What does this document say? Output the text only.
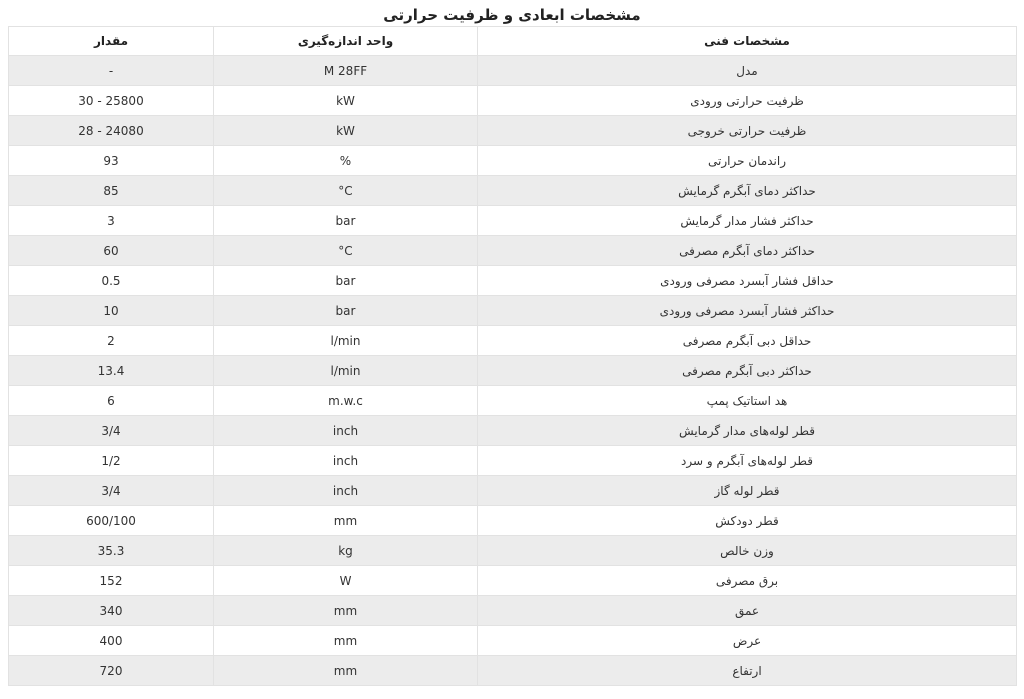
مشخصات ابعادی و ظرفیت حرارتی
مقدار	واحد اندازه‌گیری	مشخصات فنی
-	M 28FF	مدل
30 - 25800	kW	ظرفیت حرارتی ورودی
28 - 24080	kW	ظرفیت حرارتی خروجی
93	%	راندمان حرارتی
85	°C	حداکثر دمای آبگرم گرمایش
3	bar	حداکثر فشار مدار گرمایش
60	°C	حداکثر دمای آبگرم مصرفی
0.5	bar	حداقل فشار آبسرد مصرفی ورودی
10	bar	حداکثر فشار آبسرد مصرفی ورودی
2	l/min	حداقل دبی آبگرم مصرفی
13.4	l/min	حداکثر دبی آبگرم مصرفی
6	m.w.c	هد استاتیک پمپ
3/4	inch	قطر لوله‌های مدار گرمایش
1/2	inch	قطر لوله‌های آبگرم و سرد
3/4	inch	قطر لوله گاز
600/100	mm	قطر دودکش
35.3	kg	وزن خالص
152	W	برق مصرفی
340	mm	عمق
400	mm	عرض
720	mm	ارتفاع
